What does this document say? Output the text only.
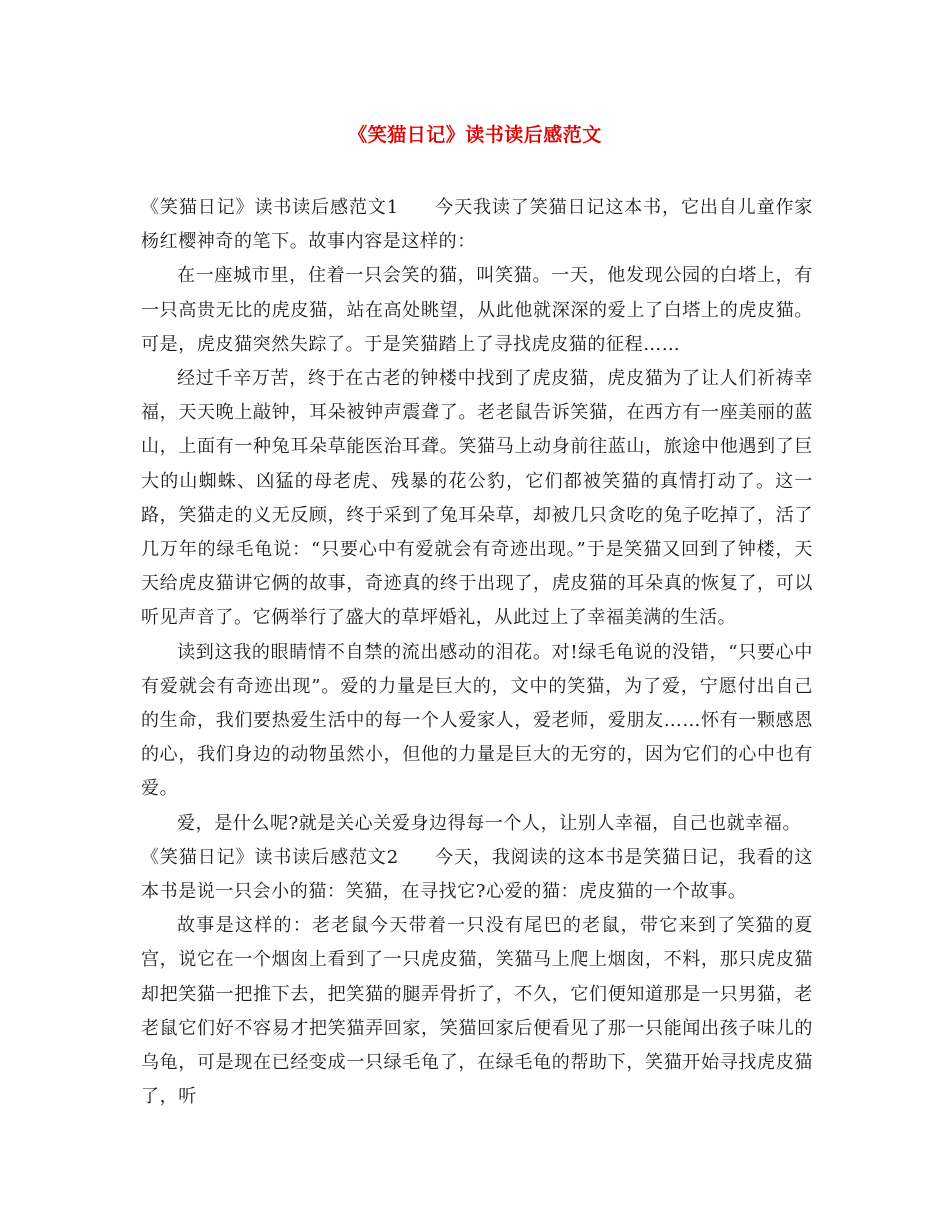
《笑猫日记》读书读后感范文

《笑猫日记》读书读后感范文1 今天我读了笑猫日记这本书，它出自儿童作家杨红樱神奇的笔下。故事内容是这样的：

在一座城市里，住着一只会笑的猫，叫笑猫。一天，他发现公园的白塔上，有一只高贵无比的虎皮猫，站在高处眺望，从此他就深深的爱上了白塔上的虎皮猫。可是，虎皮猫突然失踪了。于是笑猫踏上了寻找虎皮猫的征程……

经过千辛万苦，终于在古老的钟楼中找到了虎皮猫，虎皮猫为了让人们祈祷幸福，天天晚上敲钟，耳朵被钟声震聋了。老老鼠告诉笑猫，在西方有一座美丽的蓝山，上面有一种兔耳朵草能医治耳聋。笑猫马上动身前往蓝山，旅途中他遇到了巨大的山蜘蛛、凶猛的母老虎、残暴的花公豹，它们都被笑猫的真情打动了。这一路，笑猫走的义无反顾，终于采到了兔耳朵草，却被几只贪吃的兔子吃掉了，活了几万年的绿毛龟说：“只要心中有爱就会有奇迹出现。”于是笑猫又回到了钟楼，天天给虎皮猫讲它俩的故事，奇迹真的终于出现了，虎皮猫的耳朵真的恢复了，可以听见声音了。它俩举行了盛大的草坪婚礼，从此过上了幸福美满的生活。

读到这我的眼睛情不自禁的流出感动的泪花。对!绿毛龟说的没错，“只要心中有爱就会有奇迹出现”。爱的力量是巨大的，文中的笑猫，为了爱，宁愿付出自己的生命，我们要热爱生活中的每一个人爱家人，爱老师，爱朋友……怀有一颗感恩的心，我们身边的动物虽然小，但他的力量是巨大的无穷的，因为它们的心中也有爱。

爱，是什么呢?就是关心关爱身边得每一个人，让别人幸福，自己也就幸福。

《笑猫日记》读书读后感范文2 今天，我阅读的这本书是笑猫日记，我看的这本书是说一只会小的猫：笑猫，在寻找它?心爱的猫：虎皮猫的一个故事。

故事是这样的：老老鼠今天带着一只没有尾巴的老鼠，带它来到了笑猫的夏宫，说它在一个烟囱上看到了一只虎皮猫，笑猫马上爬上烟囱，不料，那只虎皮猫却把笑猫一把推下去，把笑猫的腿弄骨折了，不久，它们便知道那是一只男猫，老老鼠它们好不容易才把笑猫弄回家，笑猫回家后便看见了那一只能闻出孩子味儿的乌龟，可是现在已经变成一只绿毛龟了，在绿毛龟的帮助下，笑猫开始寻找虎皮猫了，听
